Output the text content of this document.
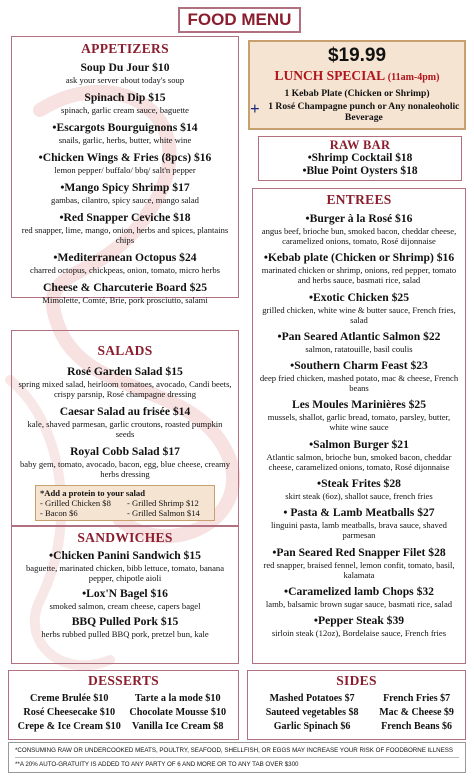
FOOD MENU
APPETIZERS
Soup Du Jour $10
ask your server about today's soup
Spinach Dip $15
spinach, garlic cream sauce, baguette
•Escargots Bourguignons $14
snails, garlic, herbs, butter, white wine
•Chicken Wings & Fries (8pcs) $16
lemon pepper/ buffalo/ bbq/ salt'n pepper
•Mango Spicy Shrimp $17
gambas, cilantro, spicy sauce, mango salad
•Red Snapper Ceviche $18
red snapper, lime, mango, onion, herbs and spices, plantains chips
•Mediterranean Octopus $24
charred octopus, chickpeas, onion, tomato, micro herbs
Cheese & Charcuterie Board $25
Mimolette, Comté, Brie, pork prosciutto, salami
$19.99
LUNCH SPECIAL (11am-4pm)
1 Kebab Plate (Chicken or Shrimp)
+ 1 Rosé Champagne punch or Any nonaleoholic Beverage
RAW BAR
•Shrimp Cocktail $18
•Blue Point Oysters $18
ENTREES
•Burger à la Rosé $16
angus beef, brioche bun, smoked bacon, cheddar cheese, caramelized onions, tomato, Rosé dijonnaise
•Kebab plate (Chicken or Shrimp) $16
marinated chicken or shrimp, onions, red pepper, tomato and herbs sauce, basmati rice, salad
•Exotic Chicken $25
grilled chicken, white wine & butter sauce, French fries, salad
•Pan Seared Atlantic Salmon $22
salmon, ratatouille, basil coulis
•Southern Charm Feast $23
deep fried chicken, mashed potato, mac & cheese, French beans
Les Moules Marinières $25
mussels, shallot, garlic bread, tomato, parsley, butter, white wine sauce
•Salmon Burger $21
Atlantic salmon, brioche bun, smoked bacon, cheddar cheese, caramelized onions, tomato, Rosé dijonnaise
•Steak Frites $28
skirt steak (6oz), shallot sauce, french fries
• Pasta & Lamb Meatballs $27
linguini pasta, lamb meatballs, brava sauce, shaved parmesan
•Pan Seared Red Snapper Filet $28
red snapper, braised fennel, lemon confit, tomato, basil, kalamata
•Caramelized lamb Chops $32
lamb, balsamic brown sugar sauce, basmati rice, salad
•Pepper Steak $39
sirloin steak (12oz), Bordelaise sauce, French fries
SALADS
Rosé Garden Salad $15
spring mixed salad, heirloom tomatoes, avocado, Candi beets, crispy parsnip, Rosé champagne dressing
Caesar Salad au frisée $14
kale, shaved parmesan, garlic croutons, roasted pumpkin seeds
Royal Cobb Salad $17
baby gem, tomato, avocado, bacon, egg, blue cheese, creamy herbs dressing
*Add a protein to your salad
- Grilled Chicken $8	- Grilled Shrimp $12
- Bacon $6	- Grilled Salmon $14
SANDWICHES
•Chicken Panini Sandwich $15
baguette, marinated chicken, bibb lettuce, tomato, banana pepper, chipotle aioli
•Lox'N Bagel $16
smoked salmon, cream cheese, capers bagel
BBQ Pulled Pork $15
herbs rubbed pulled BBQ pork, pretzel bun, kale
DESSERTS
Creme Brulée $10	Tarte a la mode $10
Rosé Cheesecake $10	Chocolate Mousse $10
Crepe & Ice Cream $10	Vanilla Ice Cream $8
SIDES
Mashed Potatoes $7	French Fries $7
Sauteed vegetables $8	Mac & Cheese $9
Garlic Spinach $6	French Beans $6
*CONSUMING RAW OR UNDERCOOKED MEATS, POULTRY, SEAFOOD, SHELLFISH, OR EGGS MAY INCREASE YOUR RISK OF FOODBORNE ILLNESS
**A 20% AUTO-GRATUITY IS ADDED TO ANY PARTY OF 6 AND MORE OR TO ANY TAB OVER $300
